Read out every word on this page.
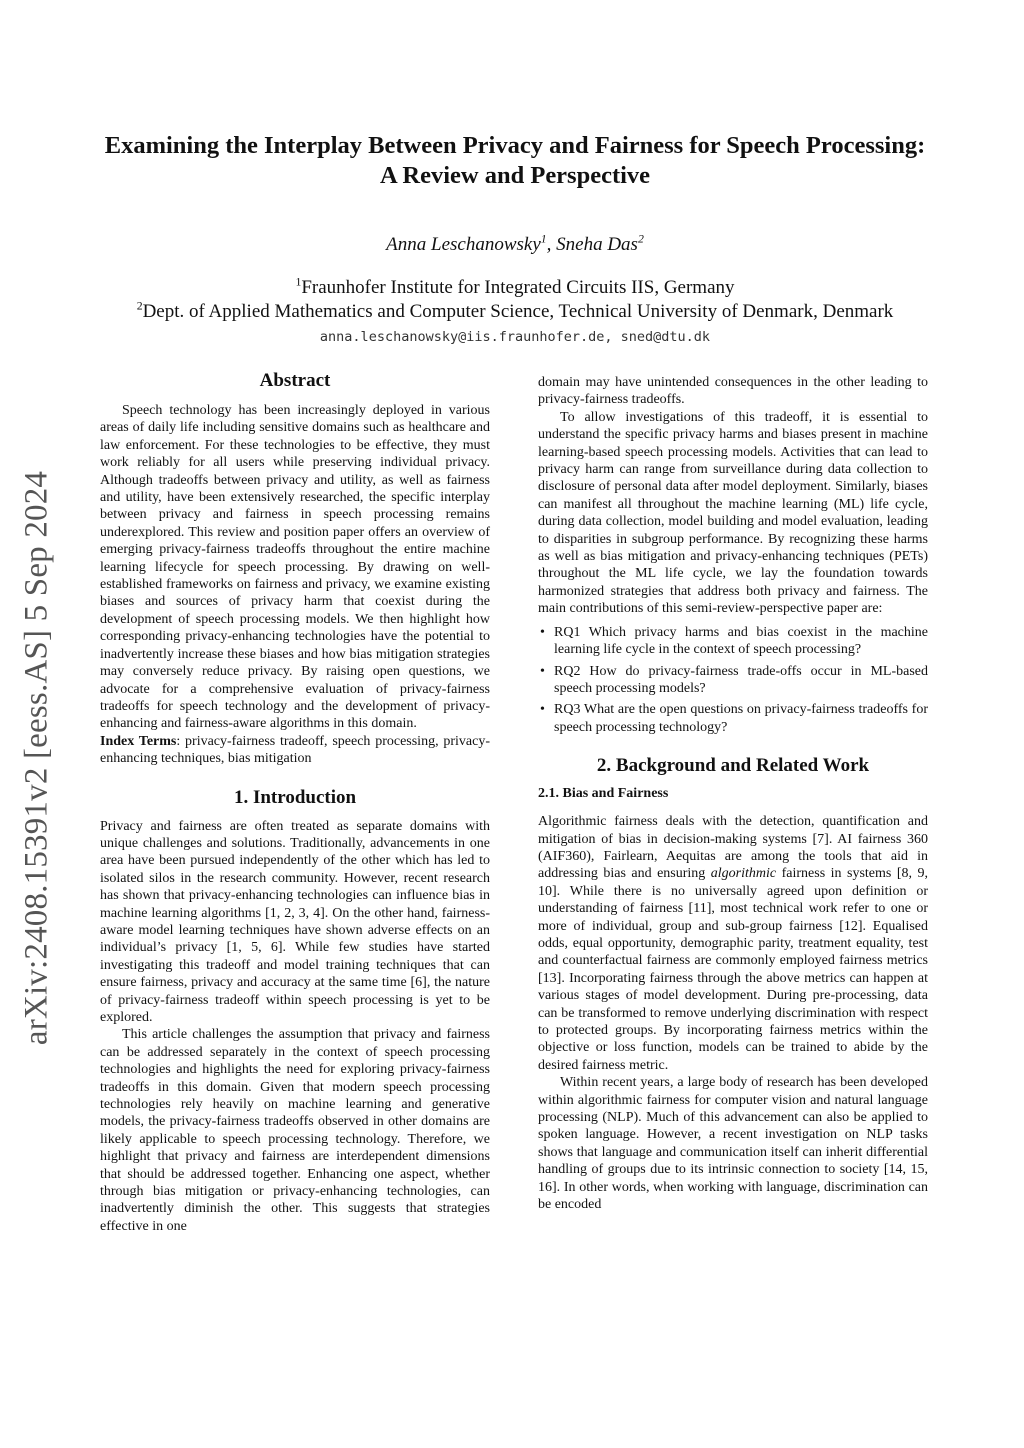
arXiv:2408.15391v2 [eess.AS] 5 Sep 2024
Examining the Interplay Between Privacy and Fairness for Speech Processing:
A Review and Perspective
Anna Leschanowsky$^1$, Sneha Das$^2$
$^1$Fraunhofer Institute for Integrated Circuits IIS, Germany
$^2$Dept. of Applied Mathematics and Computer Science, Technical University of Denmark, Denmark
anna.leschanowsky@iis.fraunhofer.de, sned@dtu.dk
Abstract

Speech technology has been increasingly deployed in various areas of daily life including sensitive domains such as healthcare and law enforcement. For these technologies to be effective, they must work reliably for all users while preserving individual privacy. Although tradeoffs between privacy and utility, as well as fairness and utility, have been extensively researched, the specific interplay between privacy and fairness in speech processing remains underexplored. This review and position paper offers an overview of emerging privacy-fairness tradeoffs throughout the entire machine learning lifecycle for speech processing. By drawing on well-established frameworks on fairness and privacy, we examine existing biases and sources of privacy harm that coexist during the development of speech processing models. We then highlight how corresponding privacy-enhancing technologies have the potential to inadvertently increase these biases and how bias mitigation strategies may conversely reduce privacy. By raising open questions, we advocate for a comprehensive evaluation of privacy-fairness tradeoffs for speech technology and the development of privacy-enhancing and fairness-aware algorithms in this domain.

Index Terms: privacy-fairness tradeoff, speech processing, privacy-enhancing techniques, bias mitigation

1. Introduction

Privacy and fairness are often treated as separate domains with unique challenges and solutions. Traditionally, advancements in one area have been pursued independently of the other which has led to isolated silos in the research community. However, recent research has shown that privacy-enhancing technologies can influence bias in machine learning algorithms [1, 2, 3, 4]. On the other hand, fairness-aware model learning techniques have shown adverse effects on an individual’s privacy [1, 5, 6]. While few studies have started investigating this tradeoff and model training techniques that can ensure fairness, privacy and accuracy at the same time [6], the nature of privacy-fairness tradeoff within speech processing is yet to be explored.

This article challenges the assumption that privacy and fairness can be addressed separately in the context of speech processing technologies and highlights the need for exploring privacy-fairness tradeoffs in this domain. Given that modern speech processing technologies rely heavily on machine learning and generative models, the privacy-fairness tradeoffs observed in other domains are likely applicable to speech processing technology. Therefore, we highlight that privacy and fairness are interdependent dimensions that should be addressed together. Enhancing one aspect, whether through bias mitigation or privacy-enhancing technologies, can inadvertently diminish the other. This suggests that strategies effective in one

domain may have unintended consequences in the other leading to privacy-fairness tradeoffs.

To allow investigations of this tradeoff, it is essential to understand the specific privacy harms and biases present in machine learning-based speech processing models. Activities that can lead to privacy harm can range from surveillance during data collection to disclosure of personal data after model deployment. Similarly, biases can manifest all throughout the machine learning (ML) life cycle, during data collection, model building and model evaluation, leading to disparities in subgroup performance. By recognizing these harms as well as bias mitigation and privacy-enhancing techniques (PETs) throughout the ML life cycle, we lay the foundation towards harmonized strategies that address both privacy and fairness. The main contributions of this semi-review-perspective paper are:

• RQ1 Which privacy harms and bias coexist in the machine learning life cycle in the context of speech processing?
• RQ2 How do privacy-fairness trade-offs occur in ML-based speech processing models?
• RQ3 What are the open questions on privacy-fairness tradeoffs for speech processing technology?
2. Background and Related Work
2.1. Bias and Fairness

Algorithmic fairness deals with the detection, quantification and mitigation of bias in decision-making systems [7]. AI fairness 360 (AIF360), Fairlearn, Aequitas are among the tools that aid in addressing bias and ensuring algorithmic fairness in systems [8, 9, 10]. While there is no universally agreed upon definition or understanding of fairness [11], most technical work refer to one or more of individual, group and sub-group fairness [12]. Equalised odds, equal opportunity, demographic parity, treatment equality, test and counterfactual fairness are commonly employed fairness metrics [13]. Incorporating fairness through the above metrics can happen at various stages of model development. During pre-processing, data can be transformed to remove underlying discrimination with respect to protected groups. By incorporating fairness metrics within the objective or loss function, models can be trained to abide by the desired fairness metric.

Within recent years, a large body of research has been developed within algorithmic fairness for computer vision and natural language processing (NLP). Much of this advancement can also be applied to spoken language. However, a recent investigation on NLP tasks shows that language and communication itself can inherit differential handling of groups due to its intrinsic connection to society [14, 15, 16]. In other words, when working with language, discrimination can be encoded
